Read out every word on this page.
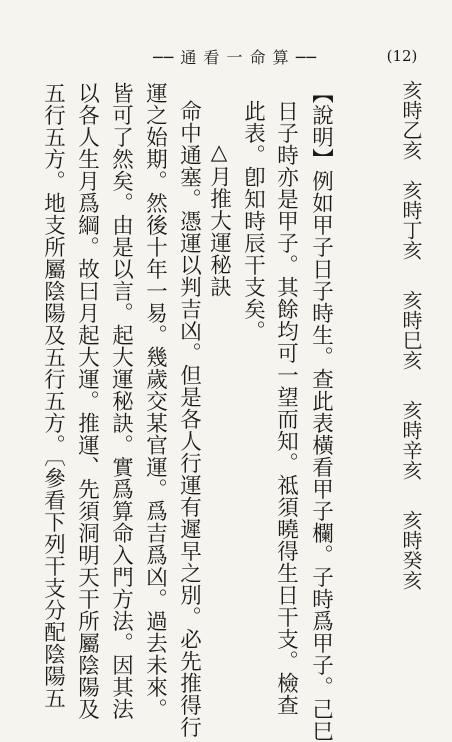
── 通 看 一 命 算 ──	(12)
亥時癸亥
亥時辛亥
亥時巳亥
亥時丁亥
亥時乙亥
【說明】例如甲子日子時生。查此表橫看甲子欄。子時爲甲子。己巳
日子時亦是甲子。其餘均可一望而知。祗須曉得生日干支。檢查
此表。卽知時辰干支矣。
△月推大運秘訣
命中通塞。憑運以判吉凶。但是各人行運有遲早之別。必先推得行
運之始期。然後十年一易。幾歲交某官運。爲吉爲凶。過去未來。
皆可了然矣。由是以言。起大運秘訣。實爲算命入門方法。因其法
以各人生月爲綱。故曰月起大運。推運、先須洞明天干所屬陰陽及
五行五方。地支所屬陰陽及五行五方。〔參看下列干支分配陰陽五
